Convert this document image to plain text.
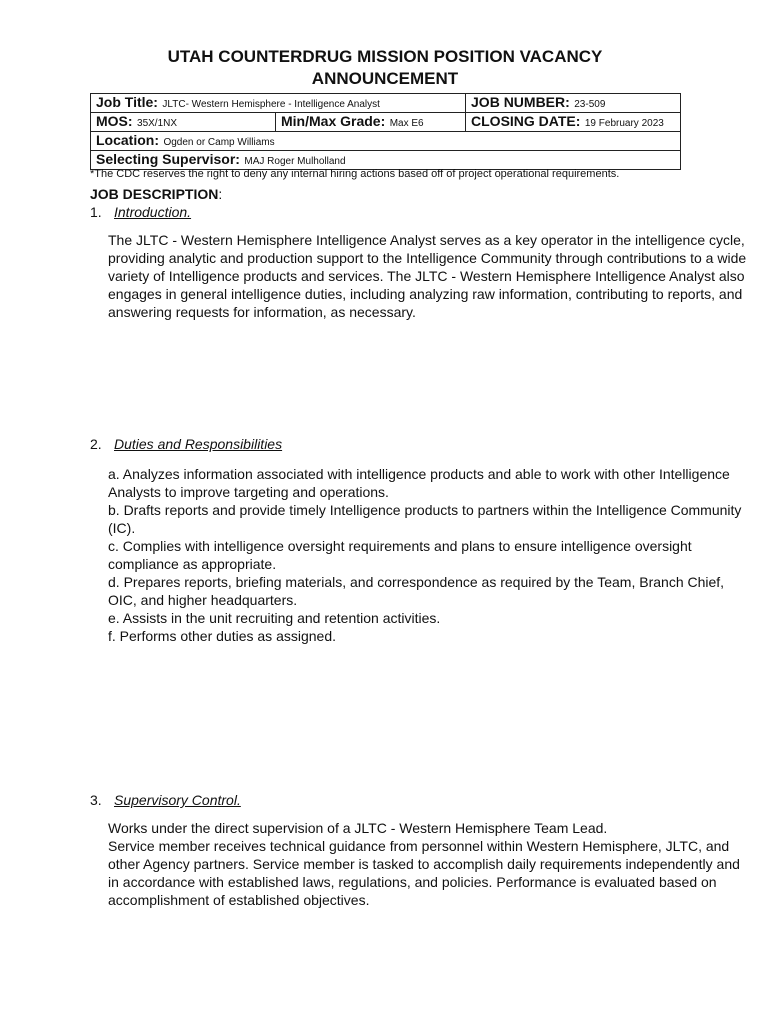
UTAH COUNTERDRUG MISSION POSITION VACANCY
ANNOUNCEMENT
Job Title: JLTC- Western Hemisphere - Intelligence Analyst		JOB NUMBER: 23-509
MOS: 35X/1NX	Min/Max Grade: Max E6	CLOSING DATE: 19 February 2023
Location: Ogden or Camp Williams		
Selecting Supervisor: MAJ Roger Mulholland		
*The CDC reserves the right to deny any internal hiring actions based off of project operational requirements.
JOB DESCRIPTION:
1. Introduction.
The JLTC - Western Hemisphere Intelligence Analyst serves as a key operator in the intelligence cycle, providing analytic and production support to the Intelligence Community through contributions to a wide variety of Intelligence products and services. The JLTC - Western Hemisphere Intelligence Analyst also engages in general intelligence duties, including analyzing raw information, contributing to reports, and answering requests for information, as necessary.
2. Duties and Responsibilities

a. Analyzes information associated with intelligence products and able to work with other Intelligence Analysts to improve targeting and operations.

b. Drafts reports and provide timely Intelligence products to partners within the Intelligence Community (IC).

c. Complies with intelligence oversight requirements and plans to ensure intelligence oversight compliance as appropriate.

d. Prepares reports, briefing materials, and correspondence as required by the Team, Branch Chief, OIC, and higher headquarters.

e. Assists in the unit recruiting and retention activities.

f. Performs other duties as assigned.

3. Supervisory Control.

Works under the direct supervision of a JLTC - Western Hemisphere Team Lead.

Service member receives technical guidance from personnel within Western Hemisphere, JLTC, and other Agency partners. Service member is tasked to accomplish daily requirements independently and in accordance with established laws, regulations, and policies. Performance is evaluated based on accomplishment of established objectives.
